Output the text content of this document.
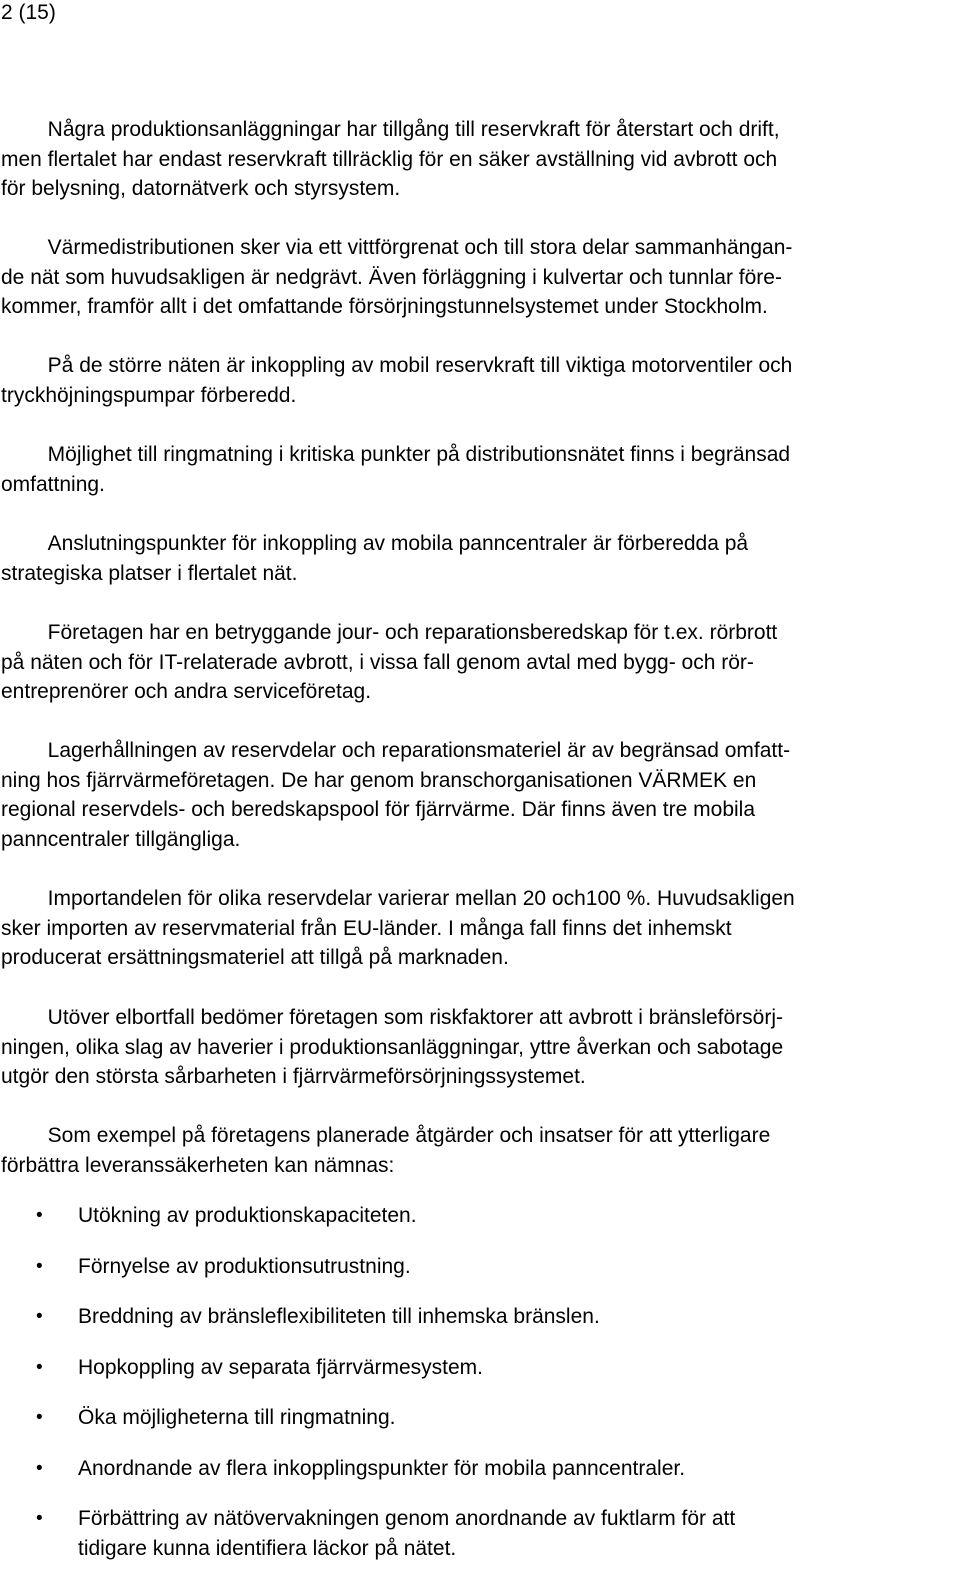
2 (15)
Några produktionsanläggningar har tillgång till reservkraft för återstart och drift,
men flertalet har endast reservkraft tillräcklig för en säker avställning vid avbrott och
för belysning, datornätverk och styrsystem.
Värmedistributionen sker via ett vittförgrenat och till stora delar sammanhängan-
de nät som huvudsakligen är nedgrävt. Även förläggning i kulvertar och tunnlar före-
kommer, framför allt i det omfattande försörjningstunnelsystemet under Stockholm.
På de större näten är inkoppling av mobil reservkraft till viktiga motorventiler och
tryckhöjningspumpar förberedd.
Möjlighet till ringmatning i kritiska punkter på distributionsnätet finns i begränsad
omfattning.
Anslutningspunkter för inkoppling av mobila panncentraler är förberedda på
strategiska platser i flertalet nät.
Företagen har en betryggande jour- och reparationsberedskap för t.ex. rörbrott
på näten och för IT-relaterade avbrott, i vissa fall genom avtal med bygg- och rör-
entreprenörer och andra serviceföretag.
Lagerhållningen av reservdelar och reparationsmateriel är av begränsad omfatt-
ning hos fjärrvärmeföretagen. De har genom branschorganisationen VÄRMEK en
regional reservdels- och beredskapspool för fjärrvärme. Där finns även tre mobila
panncentraler tillgängliga.
Importandelen för olika reservdelar varierar mellan 20 och100 %. Huvudsakligen
sker importen av reservmaterial från EU-länder. I många fall finns det inhemskt
producerat ersättningsmateriel att tillgå på marknaden.
Utöver elbortfall bedömer företagen som riskfaktorer att avbrott i bränsleförsörj-
ningen, olika slag av haverier i produktionsanläggningar, yttre åverkan och sabotage
utgör den största sårbarheten i fjärrvärmeförsörjningssystemet.
Som exempel på företagens planerade åtgärder och insatser för att ytterligare
förbättra leveranssäkerheten kan nämnas:
• Utökning av produktionskapaciteten.
• Förnyelse av produktionsutrustning.
• Breddning av bränsleflexibiliteten till inhemska bränslen.
• Hopkoppling av separata fjärrvärmesystem.
• Öka möjligheterna till ringmatning.
• Anordnande av flera inkopplingspunkter för mobila panncentraler.
• Förbättring av nätövervakningen genom anordnande av fuktlarm för att
tidigare kunna identifiera läckor på nätet.
